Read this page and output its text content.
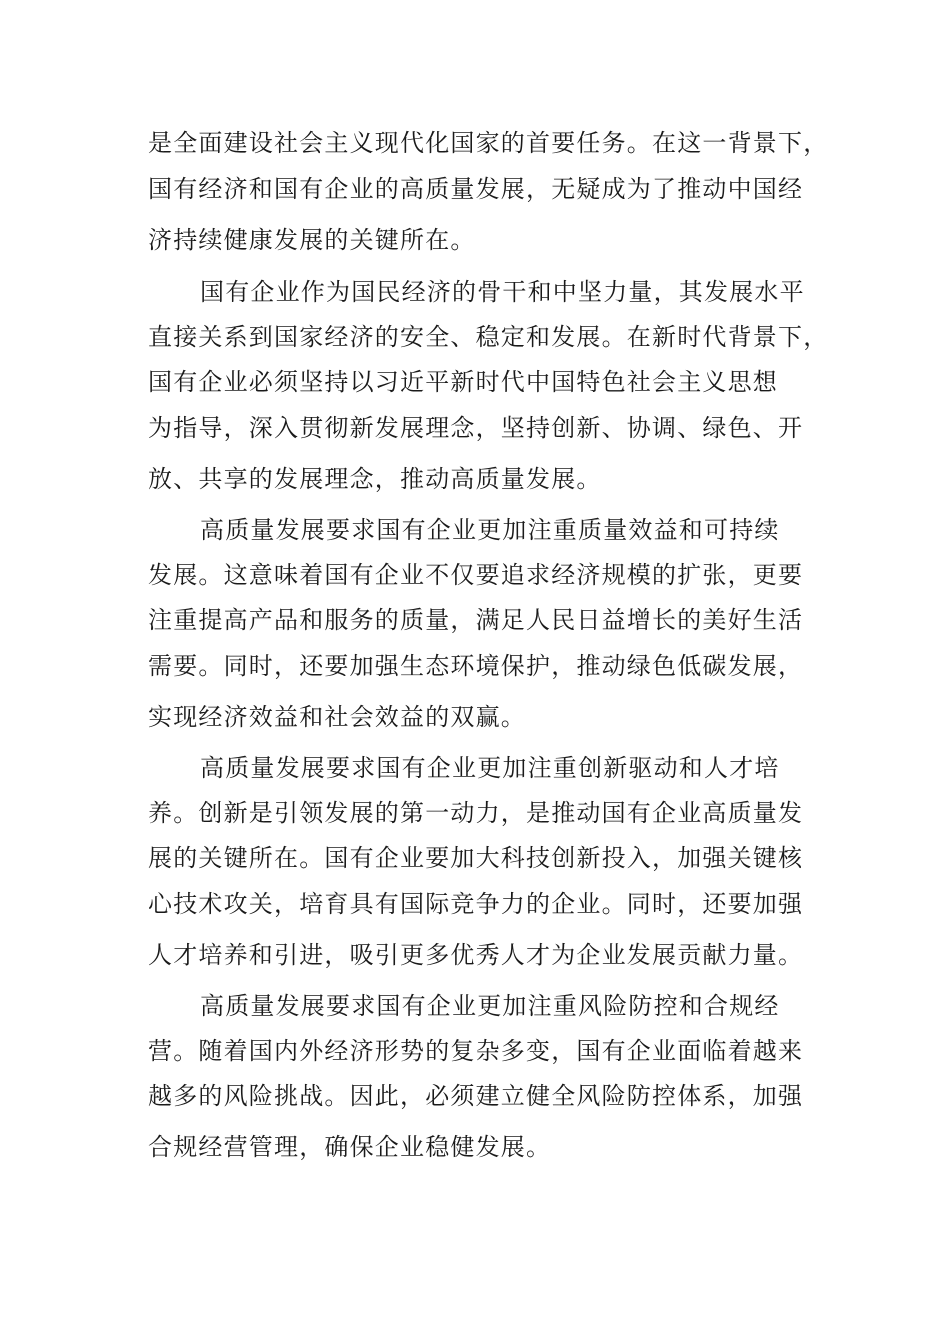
是全面建设社会主义现代化国家的首要任务。在这一背景下，
国有经济和国有企业的高质量发展，无疑成为了推动中国经
济持续健康发展的关键所在。
国有企业作为国民经济的骨干和中坚力量，其发展水平
直接关系到国家经济的安全、稳定和发展。在新时代背景下，
国有企业必须坚持以习近平新时代中国特色社会主义思想
为指导，深入贯彻新发展理念，坚持创新、协调、绿色、开
放、共享的发展理念，推动高质量发展。
高质量发展要求国有企业更加注重质量效益和可持续
发展。这意味着国有企业不仅要追求经济规模的扩张，更要
注重提高产品和服务的质量，满足人民日益增长的美好生活
需要。同时，还要加强生态环境保护，推动绿色低碳发展，
实现经济效益和社会效益的双赢。
高质量发展要求国有企业更加注重创新驱动和人才培
养。创新是引领发展的第一动力，是推动国有企业高质量发
展的关键所在。国有企业要加大科技创新投入，加强关键核
心技术攻关，培育具有国际竞争力的企业。同时，还要加强
人才培养和引进，吸引更多优秀人才为企业发展贡献力量。
高质量发展要求国有企业更加注重风险防控和合规经
营。随着国内外经济形势的复杂多变，国有企业面临着越来
越多的风险挑战。因此，必须建立健全风险防控体系，加强
合规经营管理，确保企业稳健发展。
